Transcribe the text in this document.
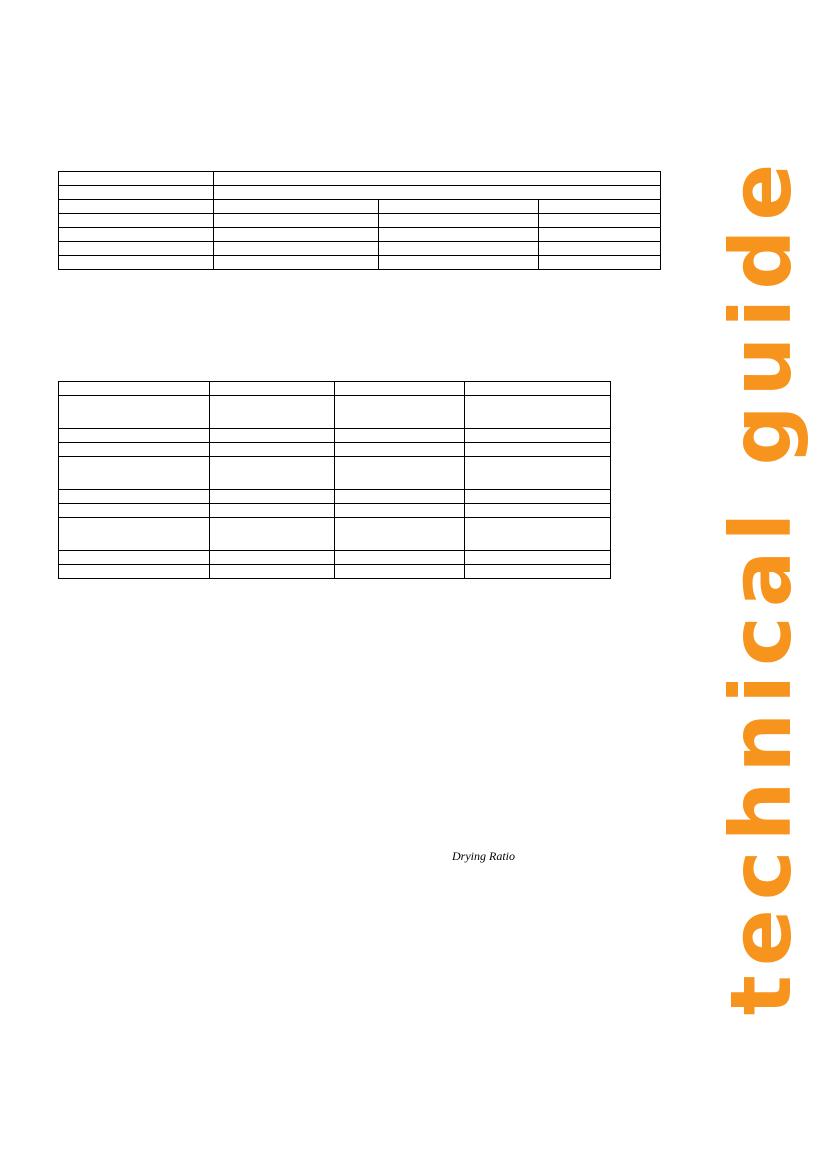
Drying Ratio technical guide
